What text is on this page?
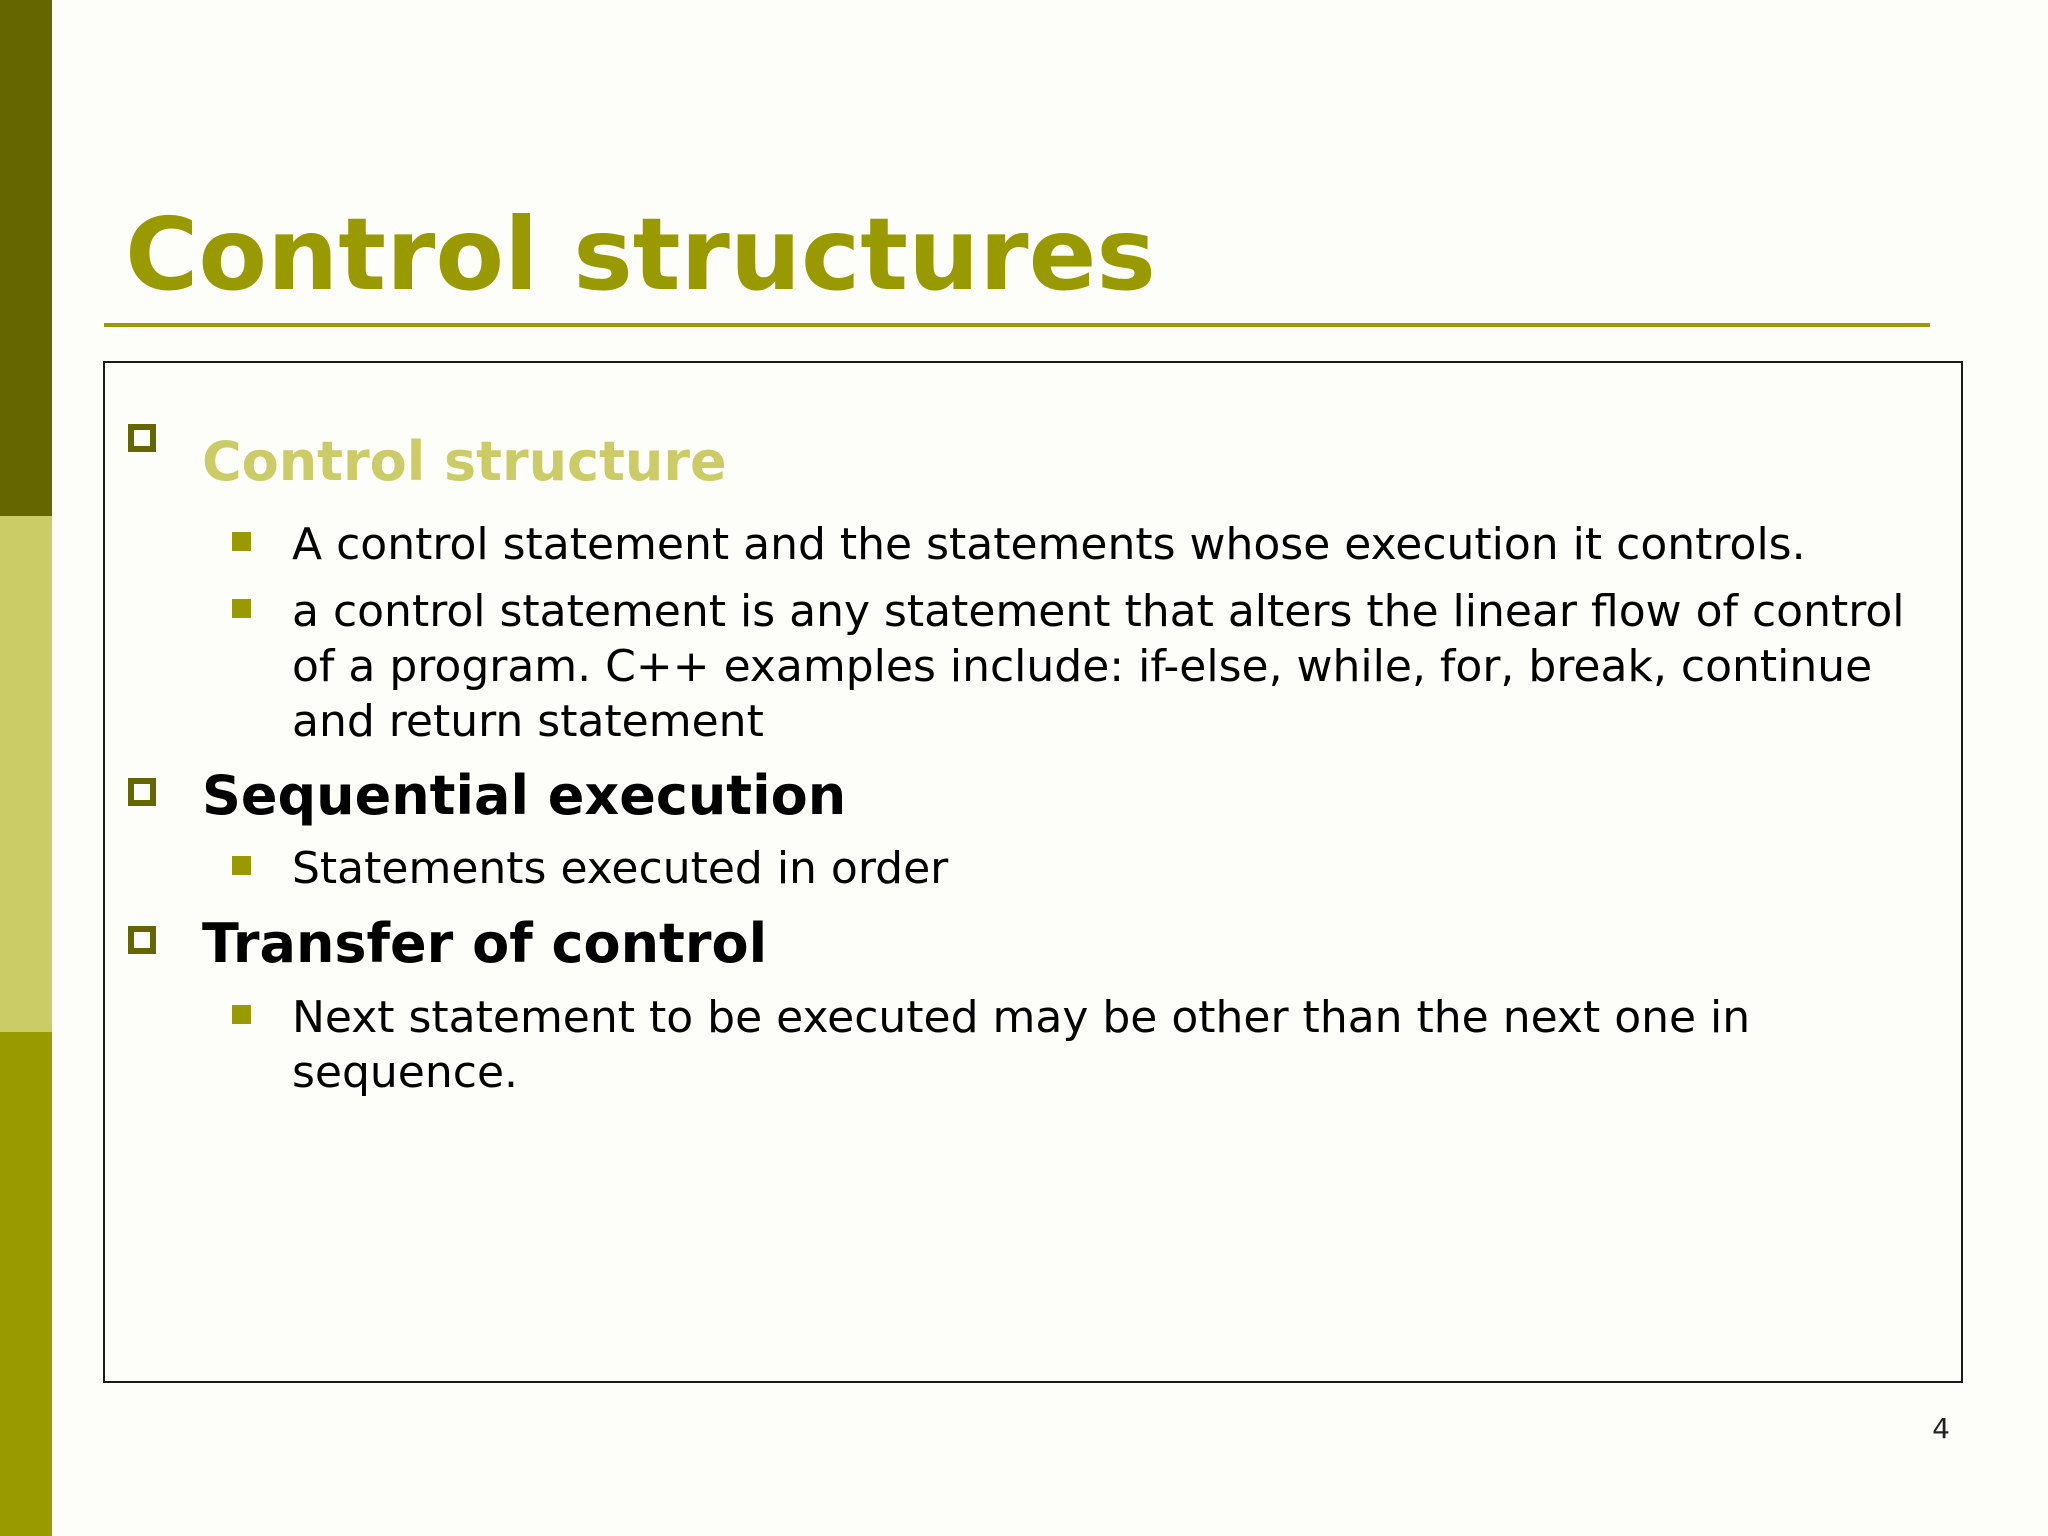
Control structures
Control structure
A control statement and the statements whose execution it controls.
a control statement is any statement that alters the linear flow of control of a program. C++ examples include: if-else, while, for, break, continue and return statement
Sequential execution
Statements executed in order
Transfer of control
Next statement to be executed may be other than the next one in sequence.
4
